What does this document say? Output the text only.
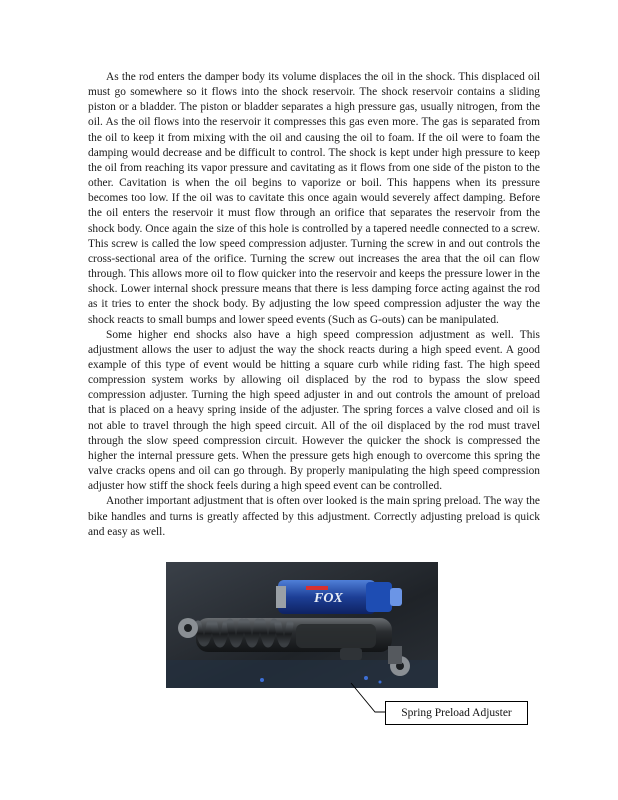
As the rod enters the damper body its volume displaces the oil in the shock. This displaced oil must go somewhere so it flows into the shock reservoir. The shock reservoir contains a sliding piston or a bladder. The piston or bladder separates a high pressure gas, usually nitrogen, from the oil. As the oil flows into the reservoir it compresses this gas even more. The gas is separated from the oil to keep it from mixing with the oil and causing the oil to foam. If the oil were to foam the damping would decrease and be difficult to control. The shock is kept under high pressure to keep the oil from reaching its vapor pressure and cavitating as it flows from one side of the piston to the other. Cavitation is when the oil begins to vaporize or boil. This happens when its pressure becomes too low. If the oil was to cavitate this once again would severely affect damping. Before the oil enters the reservoir it must flow through an orifice that separates the reservoir from the shock body. Once again the size of this hole is controlled by a tapered needle connected to a screw. This screw is called the low speed compression adjuster. Turning the screw in and out controls the cross-sectional area of the orifice. Turning the screw out increases the area that the oil can flow through. This allows more oil to flow quicker into the reservoir and keeps the pressure lower in the shock. Lower internal shock pressure means that there is less damping force acting against the rod as it tries to enter the shock body. By adjusting the low speed compression adjuster the way the shock reacts to small bumps and lower speed events (Such as G-outs) can be manipulated.

Some higher end shocks also have a high speed compression adjustment as well. This adjustment allows the user to adjust the way the shock reacts during a high speed event. A good example of this type of event would be hitting a square curb while riding fast. The high speed compression system works by allowing oil displaced by the rod to bypass the slow speed compression adjuster. Turning the high speed adjuster in and out controls the amount of preload that is placed on a heavy spring inside of the adjuster. The spring forces a valve closed and oil is not able to travel through the high speed circuit. All of the oil displaced by the rod must travel through the slow speed compression circuit. However the quicker the shock is compressed the higher the internal pressure gets. When the pressure gets high enough to overcome this spring the valve cracks opens and oil can go through. By properly manipulating the high speed compression adjuster how stiff the shock feels during a high speed event can be controlled.

Another important adjustment that is often over looked is the main spring preload. The way the bike handles and turns is greatly affected by this adjustment. Correctly adjusting preload is quick and easy as well.

FOX
Spring Preload Adjuster
